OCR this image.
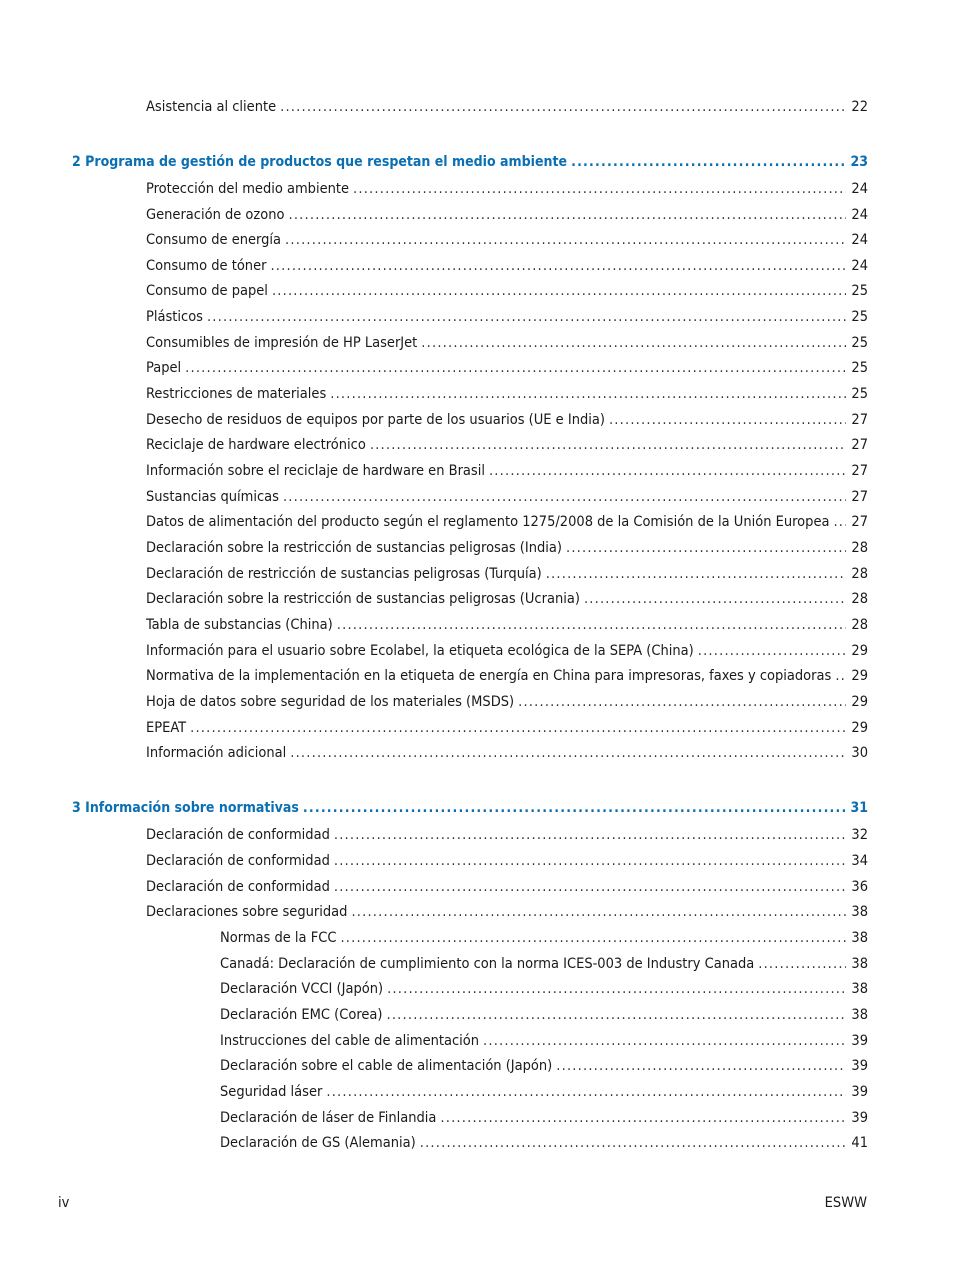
Asistencia al cliente .....	22
2 Programa de gestión de productos que respetan el medio ambiente .....	23
Protección del medio ambiente .....	24
Generación de ozono .....	24
Consumo de energía .....	24
Consumo de tóner .....	24
Consumo de papel .....	25
Plásticos .....	25
Consumibles de impresión de HP LaserJet .....	25
Papel .....	25
Restricciones de materiales .....	25
Desecho de residuos de equipos por parte de los usuarios (UE e India) .....	27
Reciclaje de hardware electrónico .....	27
Información sobre el reciclaje de hardware en Brasil .....	27
Sustancias químicas .....	27
Datos de alimentación del producto según el reglamento 1275/2008 de la Comisión de la Unión Europea ..... 27
Declaración sobre la restricción de sustancias peligrosas (India) .....	28
Declaración de restricción de sustancias peligrosas (Turquía) .....	28
Declaración sobre la restricción de sustancias peligrosas (Ucrania) .....	28
Tabla de substancias (China) .....	28
Información para el usuario sobre Ecolabel, la etiqueta ecológica de la SEPA (China) .....	29
Normativa de la implementación en la etiqueta de energía en China para impresoras, faxes y copiadoras ..... 29
Hoja de datos sobre seguridad de los materiales (MSDS) .....	29
EPEAT .....	29
Información adicional .....	30
3 Información sobre normativas .....	31
Declaración de conformidad .....	32
Declaración de conformidad .....	34
Declaración de conformidad .....	36
Declaraciones sobre seguridad .....	38
Normas de la FCC .....	38
Canadá: Declaración de cumplimiento con la norma ICES-003 de Industry Canada .....	38
Declaración VCCI (Japón) .....	38
Declaración EMC (Corea) .....	38
Instrucciones del cable de alimentación .....	39
Declaración sobre el cable de alimentación (Japón) .....	39
Seguridad láser .....	39
Declaración de láser de Finlandia .....	39
Declaración de GS (Alemania) .....	41
iv	ESWW
